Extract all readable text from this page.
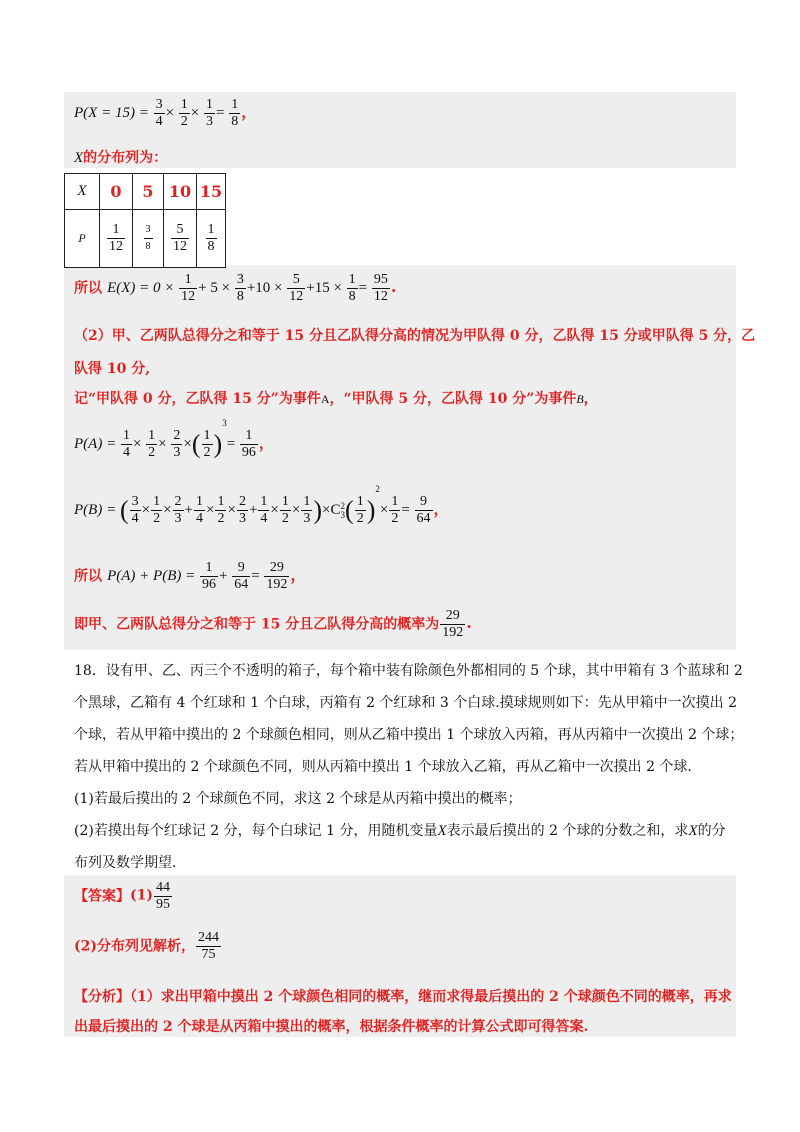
$P(X = 15) = \frac{3}{4} \times \frac{1}{2} \times \frac{1}{3} = \frac{1}{8}$ ，
X的分布列为：
X	0	5	10	15
P	$\frac{1}{12}$	$\frac{3}{8}$	$\frac{5}{12}$	$\frac{1}{8}$
所以 $E(X) = 0 \times \frac{1}{12} + 5 \times \frac{3}{8} +10 \times \frac{5}{12} +15 \times \frac{1}{8} = \frac{95}{12}$ .
（2）甲、乙两队总得分之和等于 15 分且乙队得分高的情况为甲队得 0 分，乙队得 15 分或甲队得 5 分，乙
队得 10 分,
记“甲队得 0 分，乙队得 15 分”为事件A，“甲队得 5 分，乙队得 10 分”为事件B，
$P(A) = \frac{1}{4} \times \frac{1}{2} \times \frac{2}{3}$ ×( $\frac{1}{2} )^3= \frac{1}{96}$ ，
P(B) = ( $\frac{3}{4} \times \frac{1}{2} \times \frac{2}{3} + \frac{1}{4} \times \frac{1}{2} \times \frac{2}{3} + \frac{1}{4} \times \frac{1}{2} \times \frac{1}{3} )\times C$ 2
3 ( $\frac{1}{2} )^2\times \frac{1}{2} = \frac{9}{64}$ ，
所以 $P(A) + P(B) = \frac{1}{96} + \frac{9}{64} = \frac{29}{192}$ ，
即甲、乙两队总得分之和等于 15 分且乙队得分高的概率为 $\frac{29}{192}$ .
18．设有甲、乙、丙三个不透明的箱子，每个箱中装有除颜色外都相同的 5 个球，其中甲箱有 3 个蓝球和 2
个黑球，乙箱有 4 个红球和 1 个白球，丙箱有 2 个红球和 3 个白球.摸球规则如下：先从甲箱中一次摸出 2
个球，若从甲箱中摸出的 2 个球颜色相同，则从乙箱中摸出 1 个球放入丙箱，再从丙箱中一次摸出 2 个球；
若从甲箱中摸出的 2 个球颜色不同，则从丙箱中摸出 1 个球放入乙箱，再从乙箱中一次摸出 2 个球.
(1)若最后摸出的 2 个球颜色不同，求这 2 个球是从丙箱中摸出的概率；
(2)若摸出每个红球记 2 分，每个白球记 1 分，用随机变量X表示最后摸出的 2 个球的分数之和，求X的分
布列及数学期望.
【答案】$(1) \frac{44}{95}$
(2)分布列见解析， $\frac{244}{75}$
【分析】（1）求出甲箱中摸出 2 个球颜色相同的概率，继而求得最后摸出的 2 个球颜色不同的概率，再求
出最后摸出的 2 个球是从丙箱中摸出的概率，根据条件概率的计算公式即可得答案.
